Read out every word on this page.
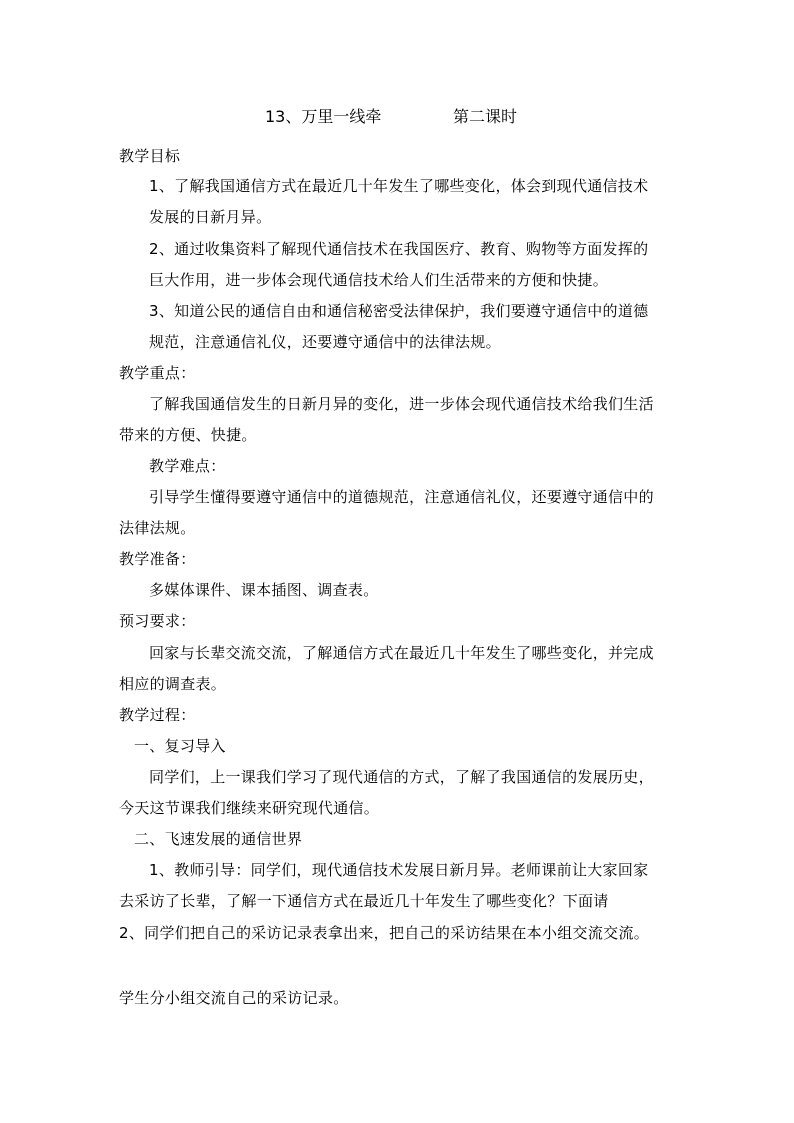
13、万里一线牵	第二课时
教学目标
1、了解我国通信方式在最近几十年发生了哪些变化，体会到现代通信技术
发展的日新月异。
2、通过收集资料了解现代通信技术在我国医疗、教育、购物等方面发挥的
巨大作用，进一步体会现代通信技术给人们生活带来的方便和快捷。
3、知道公民的通信自由和通信秘密受法律保护，我们要遵守通信中的道德
规范，注意通信礼仪，还要遵守通信中的法律法规。
教学重点：
了解我国通信发生的日新月异的变化，进一步体会现代通信技术给我们生活
带来的方便、快捷。
教学难点：
引导学生懂得要遵守通信中的道德规范，注意通信礼仪，还要遵守通信中的
法律法规。
教学准备：
多媒体课件、课本插图、调查表。
预习要求：
回家与长辈交流交流，了解通信方式在最近几十年发生了哪些变化，并完成
相应的调查表。
教学过程：
一、复习导入
同学们，上一课我们学习了现代通信的方式，了解了我国通信的发展历史，
今天这节课我们继续来研究现代通信。
二、飞速发展的通信世界
1、教师引导：同学们，现代通信技术发展日新月异。老师课前让大家回家
去采访了长辈，了解一下通信方式在最近几十年发生了哪些变化？下面请
2、同学们把自己的采访记录表拿出来，把自己的采访结果在本小组交流交流。
学生分小组交流自己的采访记录。
